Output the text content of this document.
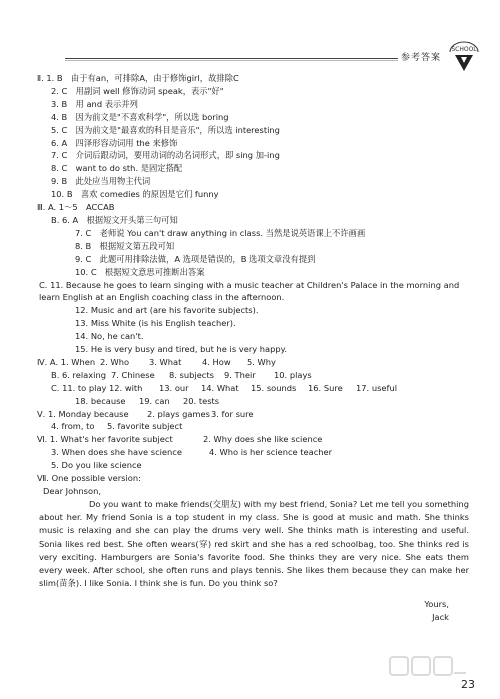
参考答案
SCHOOL
Ⅱ. 1. B　由于有an，可排除A，由于修饰girl，故排除C
2. C　用副词 well 修饰动词 speak，表示"好"
3. B　用 and 表示并列
4. B　因为前文是"不喜欢科学"，所以选 boring
5. C　因为前文是"最喜欢的科目是音乐"，所以选 interesting
6. A　四泽形容动词用 the 来修饰
7. C　介词后跟动词，要用动词的动名词形式，即 sing 加-ing
8. C　want to do sth. 是固定搭配
9. B　此处应当用物主代词
10. B　喜欢 comedies 的原因是它们 funny
Ⅲ. A. 1～5　ACCAB
B. 6. A　根据短文开头第三句可知
7. C　老师说 You can't draw anything in class. 当然是说英语课上不许画画
8. B　根据短文第五段可知
9. C　此题可用排除法做，A 选项是错误的，B 选项文章没有提到
10. C　根据短文意思可推断出答案
C. 11. Because he goes to learn singing with a music teacher at Children's Palace in the morning and learn English at an English coaching class in the afternoon.
12. Music and art (are his favorite subjects).
13. Miss White (is his English teacher).
14. No, he can't.
15. He is very busy and tired, but he is very happy.
Ⅳ. A. 1. When 2. Who 3. What 4. How 5. Why
B. 6. relaxing 7. Chinese 8. subjects 9. Their 10. plays
C. 11. to play 12. with 13. our 14. What 15. sounds 16. Sure 17. useful
18. because 19. can 20. tests
Ⅴ. 1. Monday because 2. plays games3. for sure
4. from, to 5. favorite subject
Ⅵ. 1. What's her favorite subject	2. Why does she like science
3. When does she have science	4. Who is her science teacher
5. Do you like science
Ⅶ. One possible version:
Dear Johnson,
Do you want to make friends(交朋友) with my best friend, Sonia? Let me tell you something about her. My friend Sonia is a top student in my class. She is good at music and math. She thinks music is relaxing and she can play the drums very well. She thinks math is interesting and useful. Sonia likes red best. She often wears(穿) red skirt and she has a red schoolbag, too. She thinks red is very exciting. Hamburgers are Sonia's favorite food. She thinks they are very nice. She eats them every week. After school, she often runs and plays tennis. She likes them because they can make her slim(苗条). I like Sonia. I think she is fun. Do you think so?
Yours,
Jack
23
